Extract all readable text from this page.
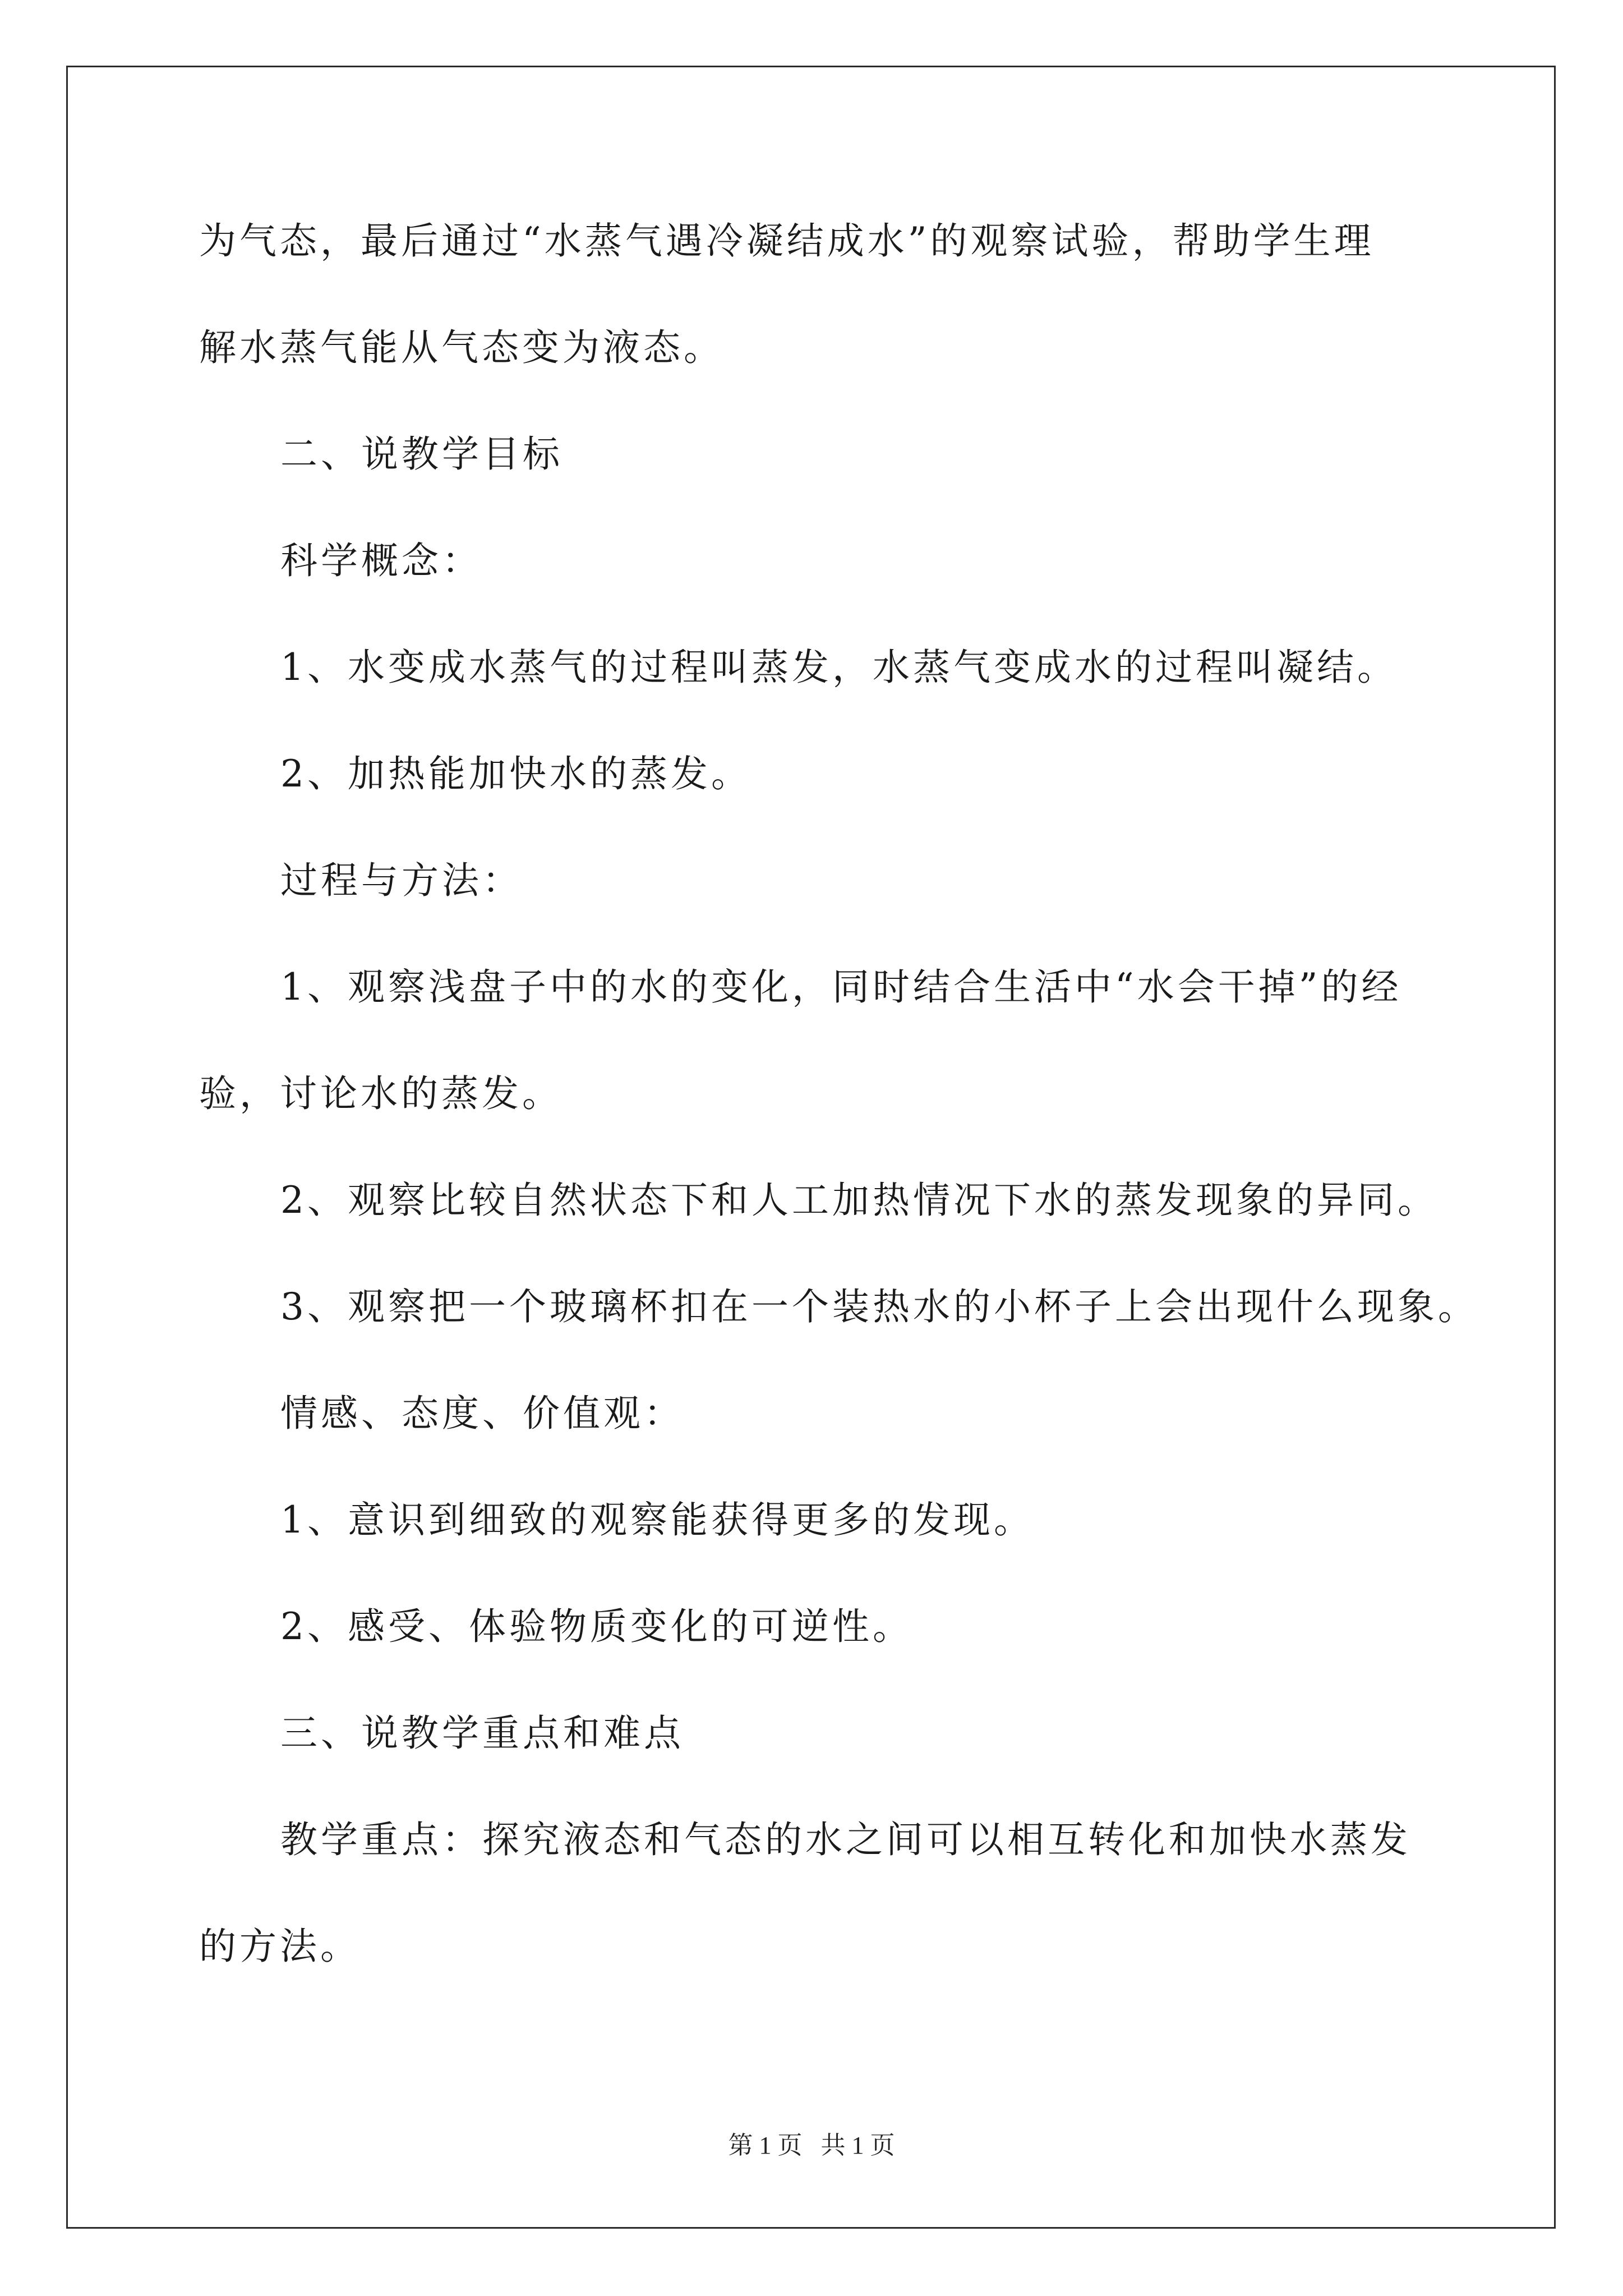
为气态，最后通过“水蒸气遇冷凝结成水”的观察试验，帮助学生理
解水蒸气能从气态变为液态。
二、说教学目标
科学概念：
1、水变成水蒸气的过程叫蒸发，水蒸气变成水的过程叫凝结。
2、加热能加快水的蒸发。
过程与方法：
1、观察浅盘子中的水的变化，同时结合生活中“水会干掉”的经
验，讨论水的蒸发。
2、观察比较自然状态下和人工加热情况下水的蒸发现象的异同。
3、观察把一个玻璃杯扣在一个装热水的小杯子上会出现什么现象。
情感、态度、价值观：
1、意识到细致的观察能获得更多的发现。
2、感受、体验物质变化的可逆性。
三、说教学重点和难点
教学重点：探究液态和气态的水之间可以相互转化和加快水蒸发
的方法。
第 1 页   共 1 页
